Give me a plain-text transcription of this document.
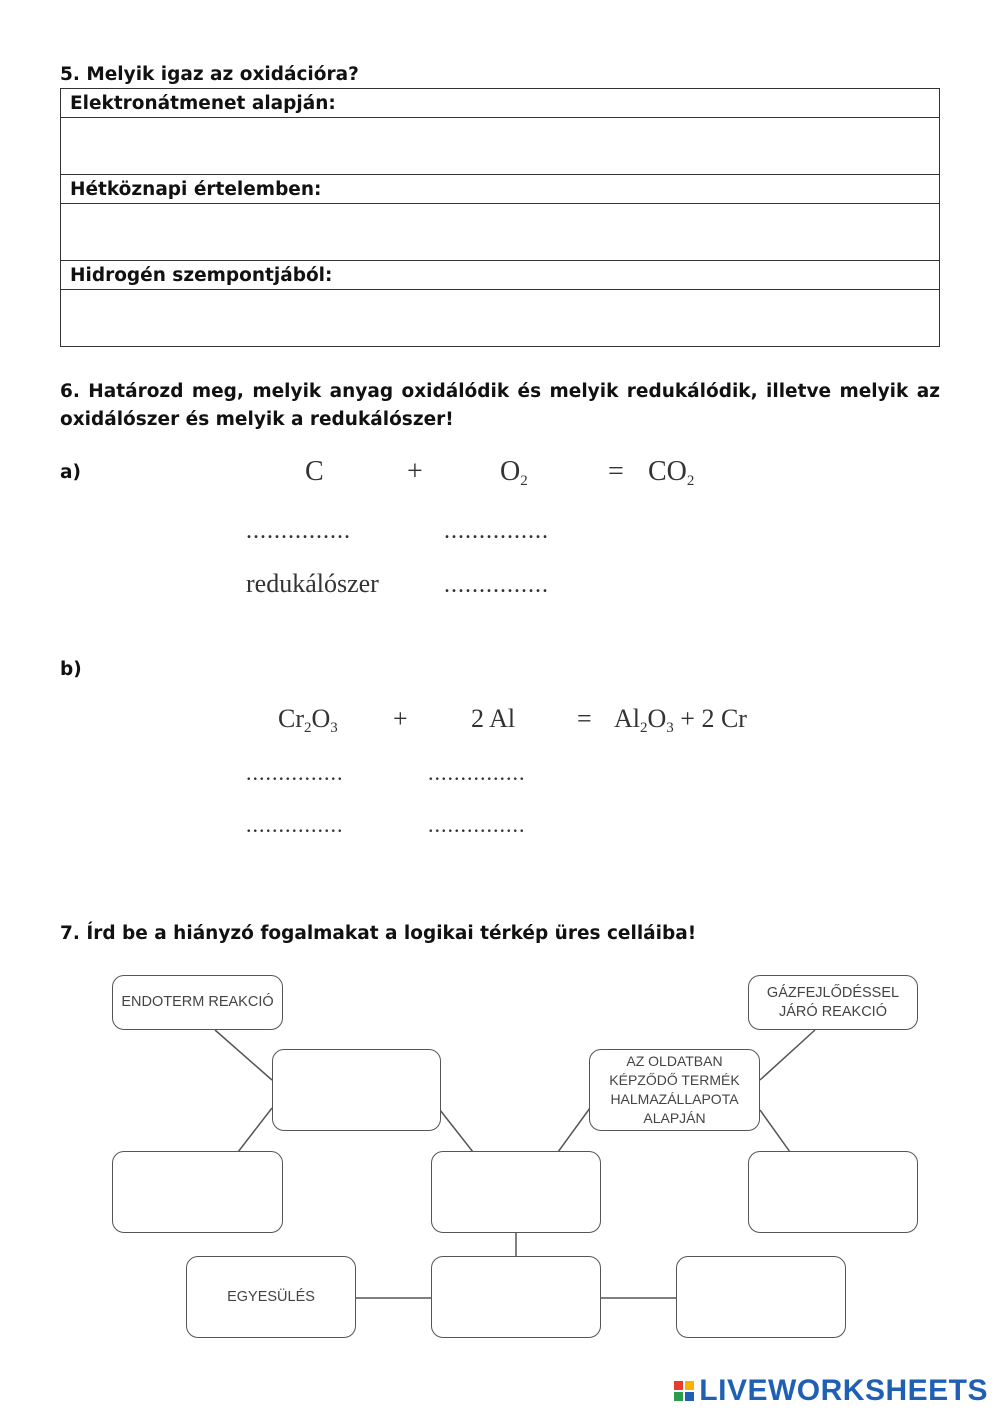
5. Melyik igaz az oxidációra?
Elektronátmenet alapján:

Hétköznapi értelemben:

Hidrogén szempontjából:

6. Határozd meg, melyik anyag oxidálódik és melyik redukálódik, illetve melyik az oxidálószer és melyik a redukálószer!
a)	C	+	$O_2$	= $CO_2$
...............	...............
redukálószer	...............
b)
$Cr_2O_3 + 2$ $Al = Al_2O_3 + 2$ Cr
...............	...............
...............	...............
7. Írd be a hiányzó fogalmakat a logikai térkép üres celláiba!
ENDOTERM REAKCIÓ
AZ OLDATBAN
KÉPZŐDŐ TERMÉK
HALMAZÁLLAPOTA
ALAPJÁN
GÁZFEJLŐDÉSSEL
JÁRÓ REAKCIÓ
EGYESÜLÉS
LIVEWORKSHEETS
